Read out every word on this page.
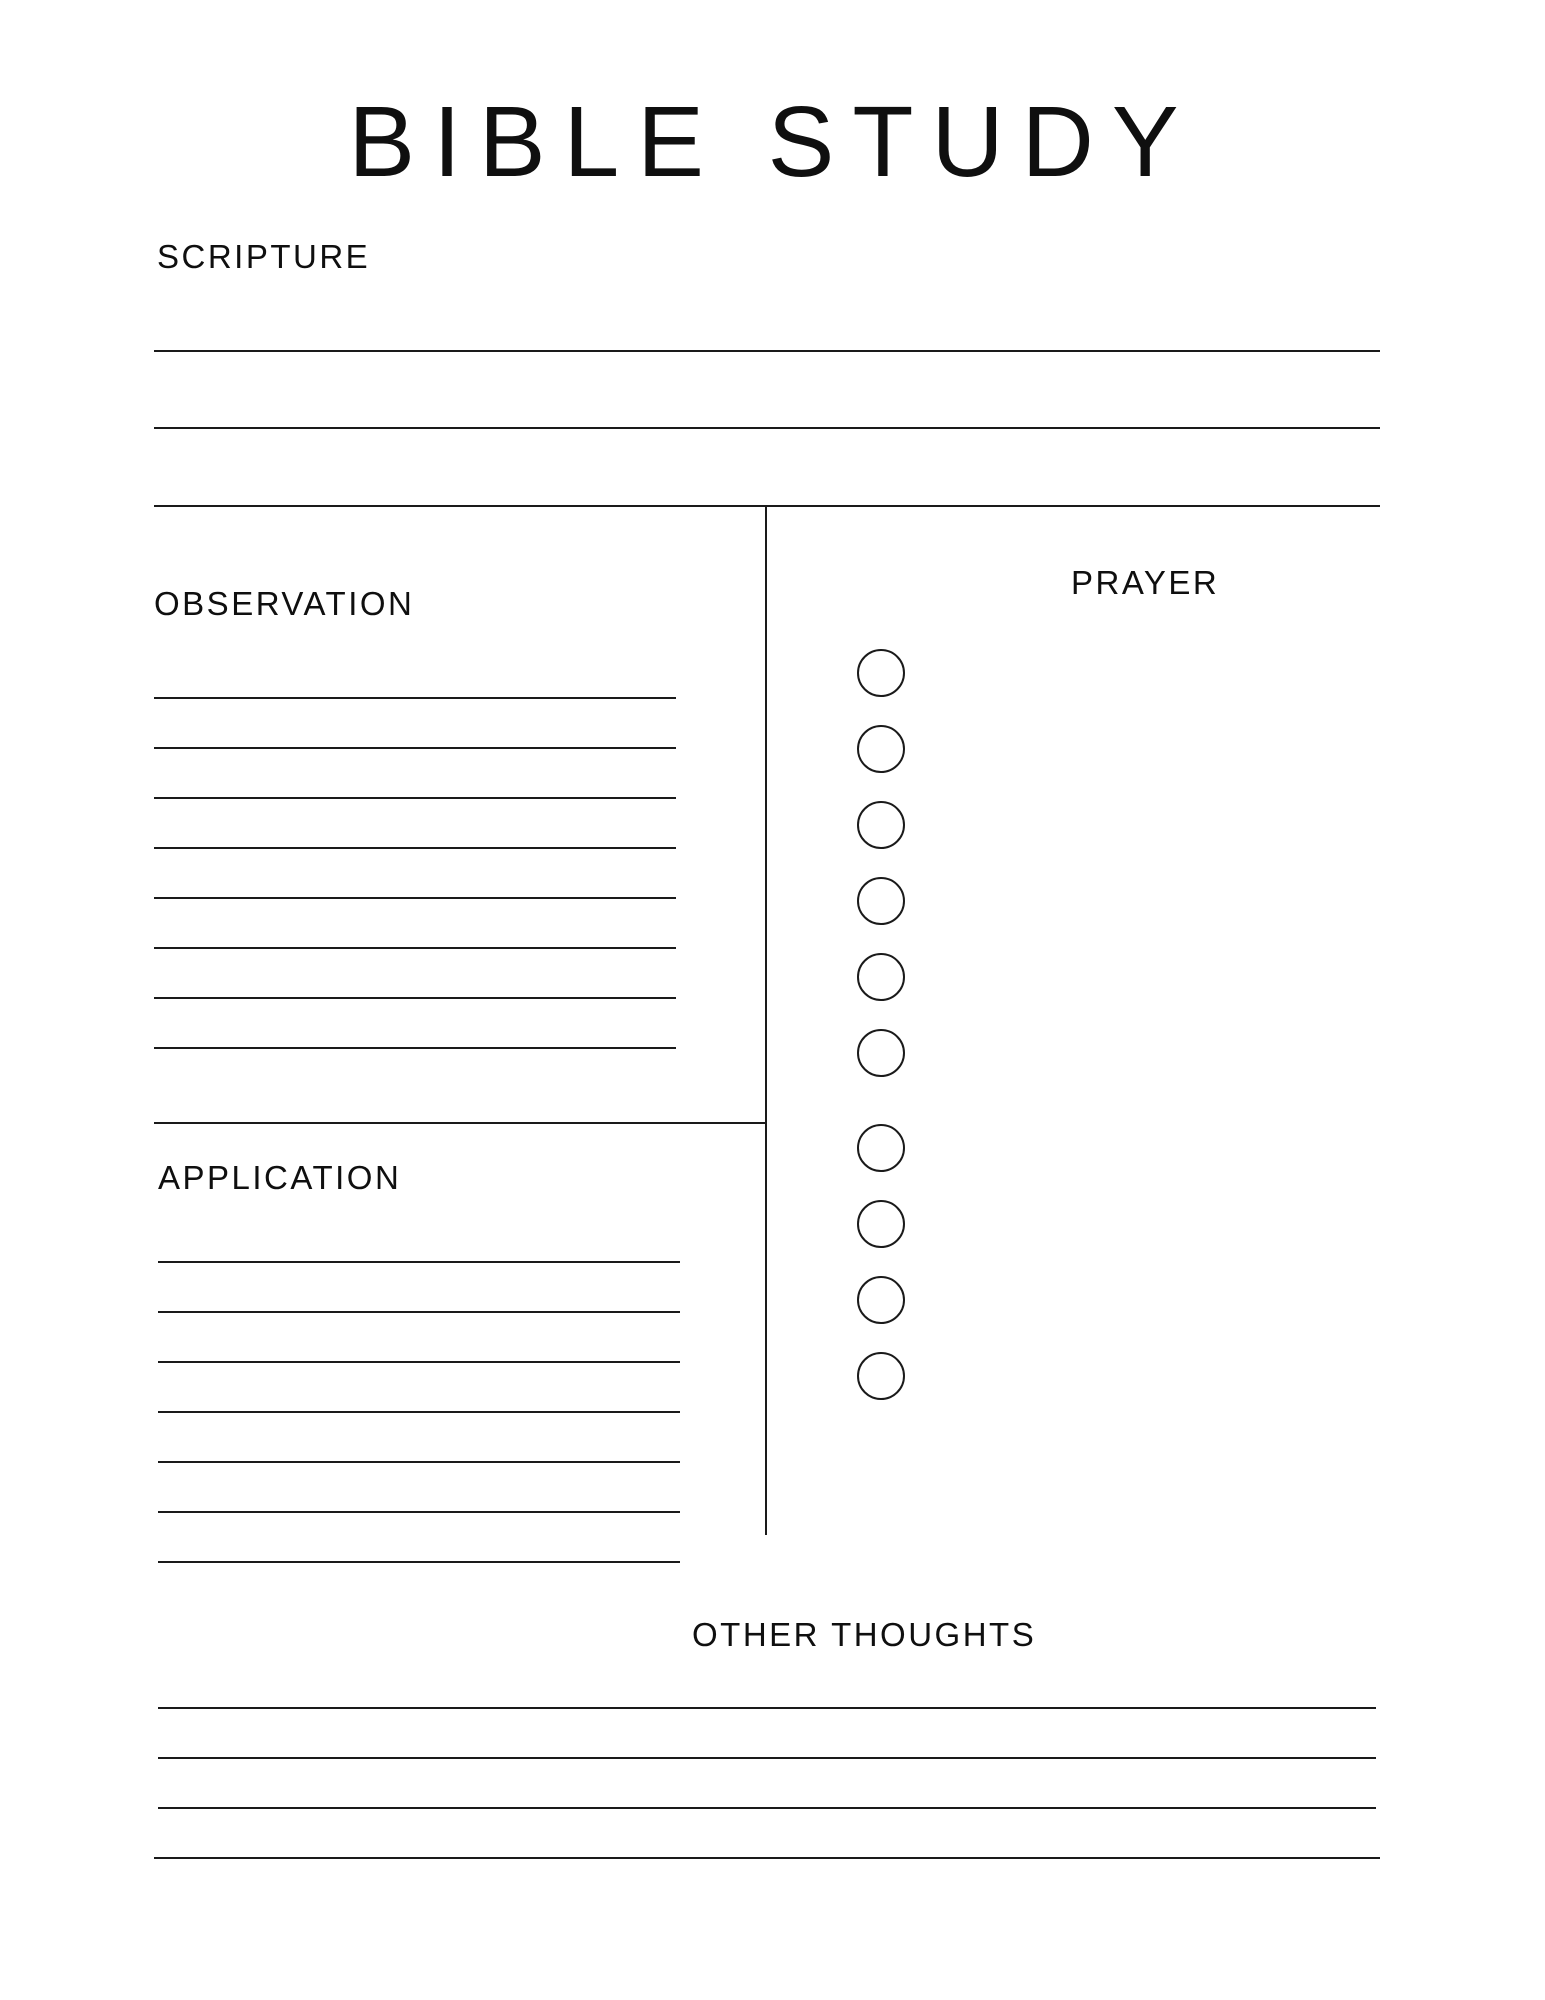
BIBLE STUDY
SCRIPTURE
OBSERVATION
APPLICATION
PRAYER
OTHER THOUGHTS
